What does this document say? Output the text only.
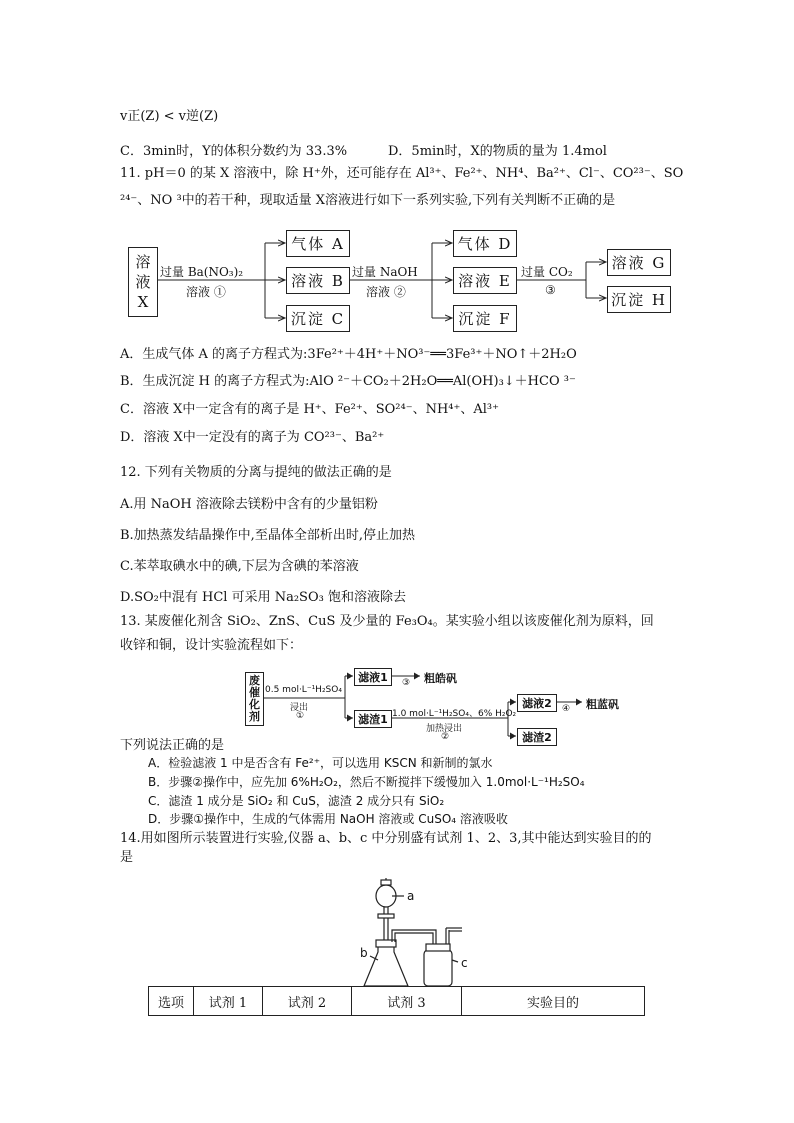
v正(Z) < v逆(Z)
C．3min时，Y的体积分数约为 33.3%	D．5min时，X的物质的量为 1.4mol
11. pH＝0 的某 X 溶液中，除 H⁺外，还可能存在 Al³⁺、Fe²⁺、NH⁴、Ba²⁺、Cl⁻、CO²³⁻、SO
²⁴⁻、NO ³中的若干种，现取适量 X溶液进行如下一系列实验,下列有关判断不正确的是
溶
液
X
过量 Ba(NO₃)₂
溶液 ①
气体 A
溶液 B
沉淀 C
过量 NaOH
溶液 ②
气体 D
溶液 E
沉淀 F
过量 CO₂
③
溶液 G
沉淀 H
A．生成气体 A 的离子方程式为:3Fe²⁺＋4H⁺＋NO³⁻══3Fe³⁺＋NO↑＋2H₂O
B．生成沉淀 H 的离子方程式为:AlO ²⁻＋CO₂＋2H₂O══Al(OH)₃↓＋HCO ³⁻
C．溶液 X中一定含有的离子是 H⁺、Fe²⁺、SO²⁴⁻、NH⁴⁺、Al³⁺
D．溶液 X中一定没有的离子为 CO²³⁻、Ba²⁺
12. 下列有关物质的分离与提纯的做法正确的是
A.用 NaOH 溶液除去镁粉中含有的少量铝粉
B.加热蒸发结晶操作中,至晶体全部析出时,停止加热
C.苯萃取碘水中的碘,下层为含碘的苯溶液
D.SO₂中混有 HCl 可采用 Na₂SO₃ 饱和溶液除去
13. 某废催化剂含 SiO₂、ZnS、CuS 及少量的 Fe₃O₄。某实验小组以该废催化剂为原料，回
收锌和铜，设计实验流程如下：
废
催
化
剂
0.5 mol·L⁻¹H₂SO₄
浸出
①
滤液1	③ 粗皓矾
滤渣1 1.0 mol·L⁻¹H₂SO₄、6% H₂O₂
加热浸出
②
滤液2	④ 粗蓝矾
滤渣2
下列说法正确的是
A．检验滤液 1 中是否含有 Fe²⁺，可以选用 KSCN 和新制的氯水
B．步骤②操作中，应先加 6%H₂O₂，然后不断搅拌下缓慢加入 1.0mol·L⁻¹H₂SO₄
C．滤渣 1 成分是 SiO₂ 和 CuS，滤渣 2 成分只有 SiO₂
D．步骤①操作中，生成的气体需用 NaOH 溶液或 CuSO₄ 溶液吸收
14.用如图所示装置进行实验,仪器 a、b、c 中分别盛有试剂 1、2、3,其中能达到实验目的的
是
a
b
c
选项	试剂 1	试剂 2	试剂 3	实验目的
